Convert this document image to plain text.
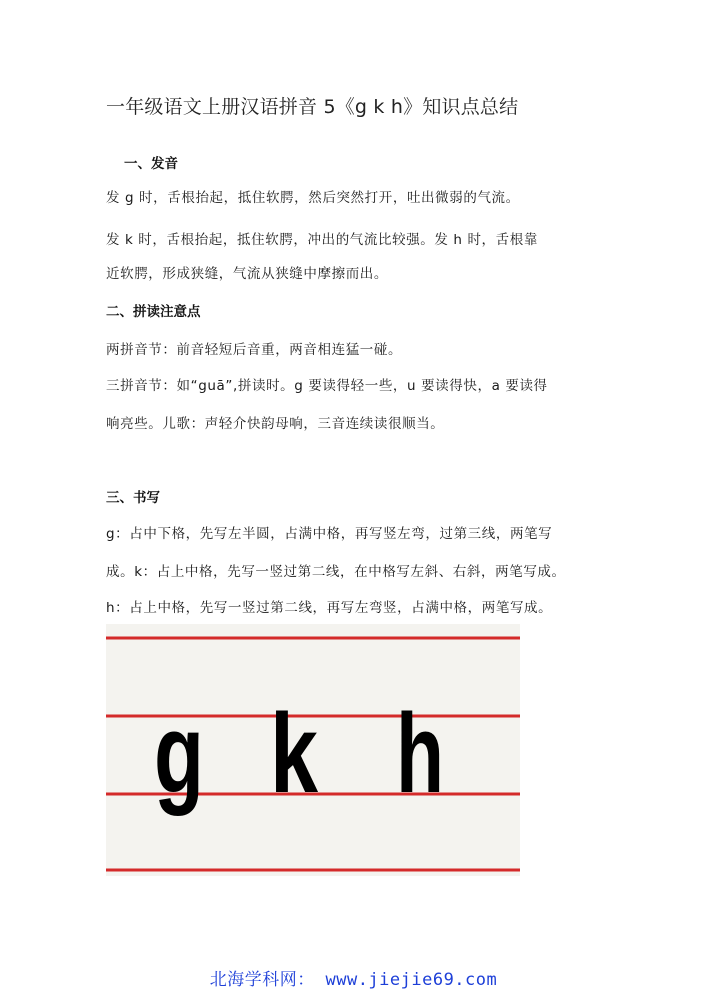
一年级语文上册汉语拼音 5《g k h》知识点总结
一、发音
发 g 时，舌根抬起，抵住软腭，然后突然打开，吐出微弱的气流。
发 k 时，舌根抬起，抵住软腭，冲出的气流比较强。发 h 时，舌根靠
近软腭，形成狭缝，气流从狭缝中摩擦而出。
二、拼读注意点
两拼音节：前音轻短后音重，两音相连猛一碰。
三拼音节：如“guā”,拼读时。g 要读得轻一些，u 要读得快，a 要读得
响亮些。儿歌：声轻介快韵母响，三音连续读很顺当。
三、书写
g：占中下格，先写左半圆，占满中格，再写竖左弯，过第三线，两笔写
成。k：占上中格，先写一竖过第二线，在中格写左斜、右斜，两笔写成。
h：占上中格，先写一竖过第二线，再写左弯竖，占满中格，两笔写成。
g k h
北海学科网： www.jiejie69.com
